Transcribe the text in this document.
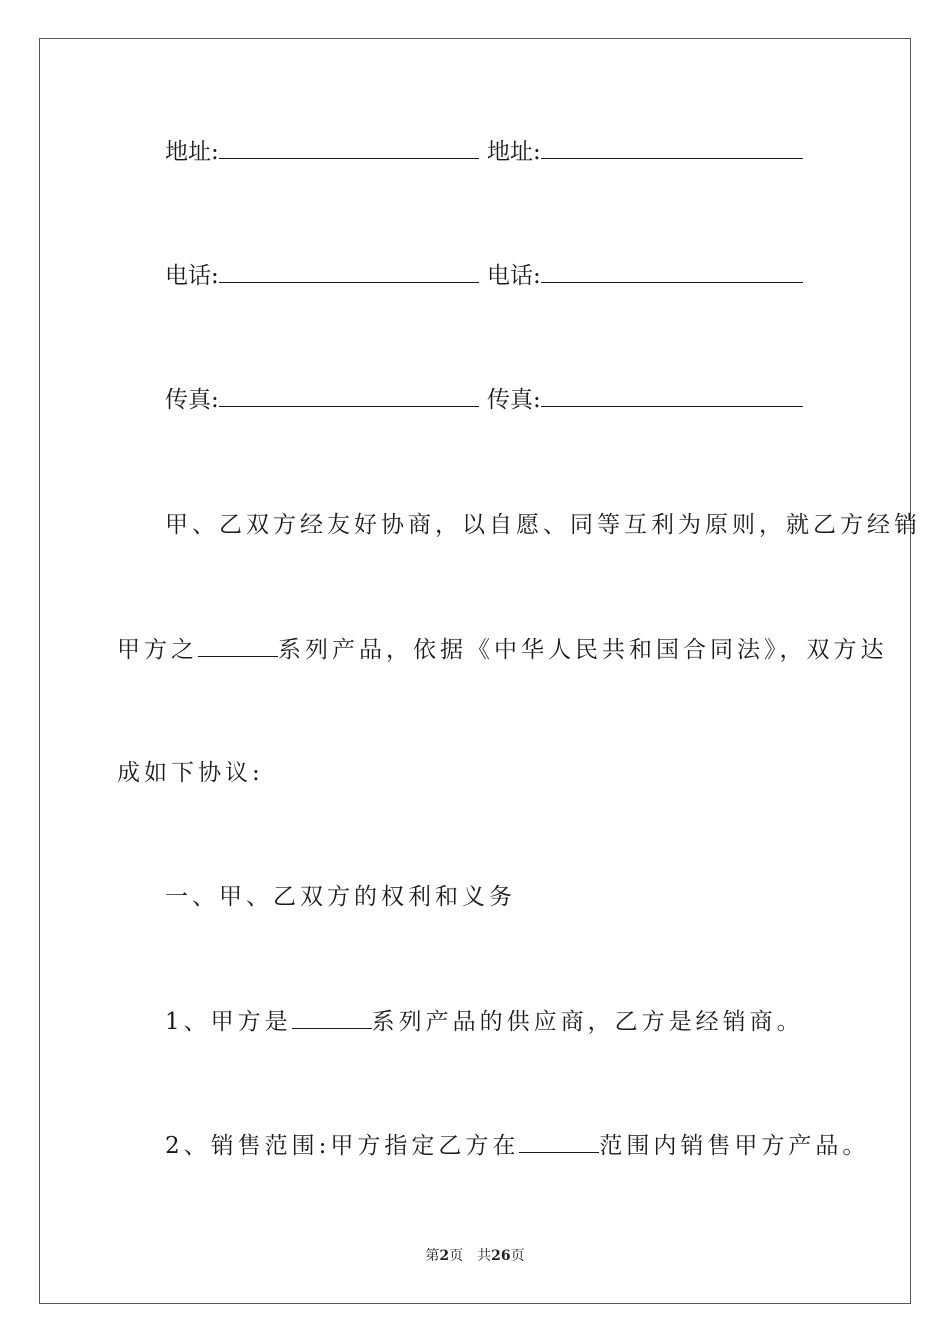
地址:	地址:
电话:	电话:
传真:	传真:
甲、乙双方经友好协商，以自愿、同等互利为原则，就乙方经销
甲方之	系列产品，依据《中华人民共和国合同法》，双方达
成如下协议:
一、甲、乙双方的权利和义务
1、甲方是	系列产品的供应商，乙方是经销商。
2、销售范围:甲方指定乙方在	范围内销售甲方产品。
第2页　共26页
